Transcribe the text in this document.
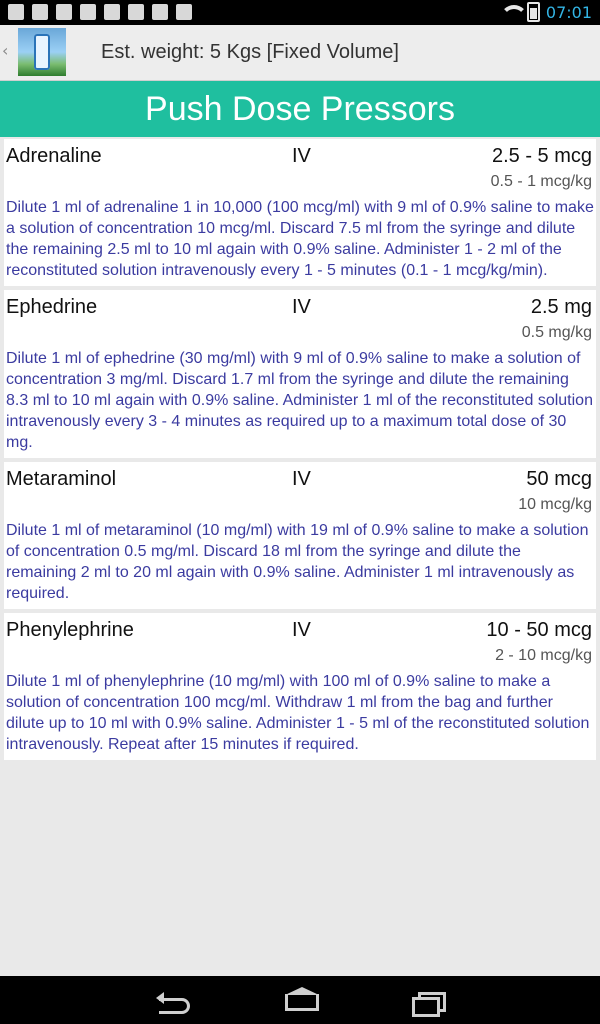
07:01
‹	Est. weight: 5 Kgs [Fixed Volume]
Push Dose Pressors
Adrenaline	IV	2.5 - 5 mcg
0.5 - 1 mcg/kg
Dilute 1 ml of adrenaline 1 in 10,000 (100 mcg/ml) with 9 ml of 0.9% saline to make a solution of concentration 10 mcg/ml. Discard 7.5 ml from the syringe and dilute the remaining 2.5 ml to 10 ml again with 0.9% saline. Administer 1 - 2 ml of the reconstituted solution intravenously every 1 - 5 minutes (0.1 - 1 mcg/kg/min).
Ephedrine	IV	2.5 mg
0.5 mg/kg
Dilute 1 ml of ephedrine (30 mg/ml) with 9 ml of 0.9% saline to make a solution of concentration 3 mg/ml. Discard 1.7 ml from the syringe and dilute the remaining 8.3 ml to 10 ml again with 0.9% saline. Administer 1 ml of the reconstituted solution intravenously every 3 - 4 minutes as required up to a maximum total dose of 30 mg.
Metaraminol	IV	50 mcg
10 mcg/kg
Dilute 1 ml of metaraminol (10 mg/ml) with 19 ml of 0.9% saline to make a solution of concentration 0.5 mg/ml. Discard 18 ml from the syringe and dilute the remaining 2 ml to 20 ml again with 0.9% saline. Administer 1 ml intravenously as required.
Phenylephrine	IV	10 - 50 mcg
2 - 10 mcg/kg
Dilute 1 ml of phenylephrine (10 mg/ml) with 100 ml of 0.9% saline to make a solution of concentration 100 mcg/ml. Withdraw 1 ml from the bag and further dilute up to 10 ml with 0.9% saline. Administer 1 - 5 ml of the reconstituted solution intravenously. Repeat after 15 minutes if required.
